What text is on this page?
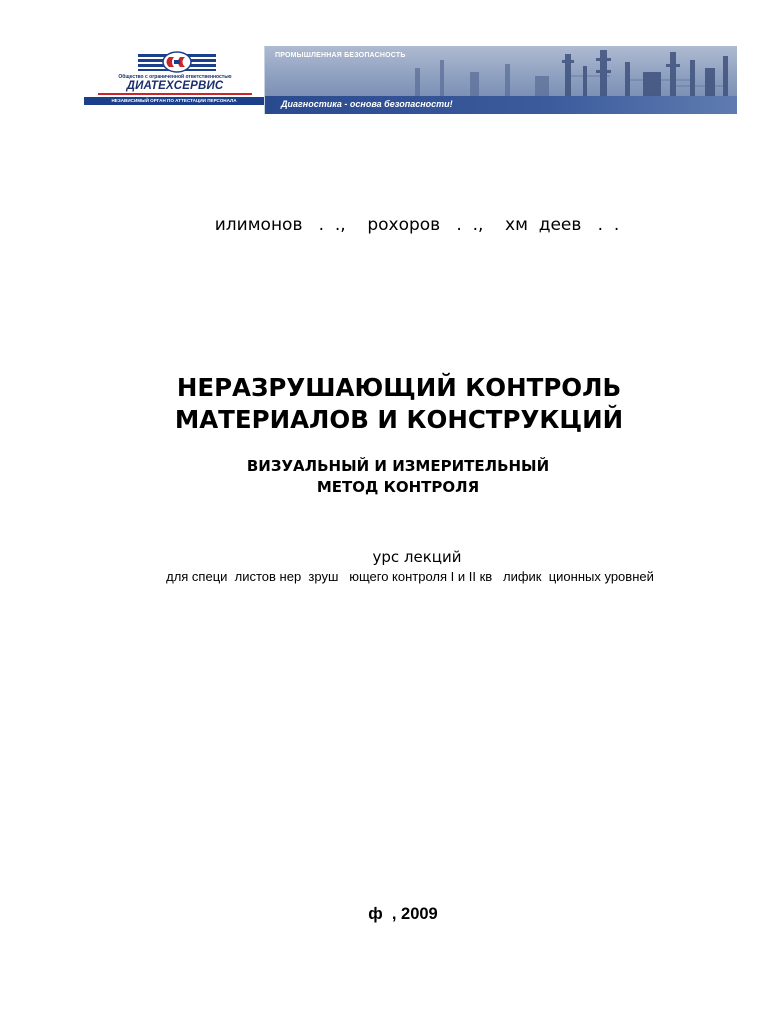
Общество с ограниченной ответственностью
ДИАТЕХСЕРВИС
НЕЗАВИСИМЫЙ ОРГАН ПО АТТЕСТАЦИИ ПЕРСОНАЛА
ПРОМЫШЛЕННАЯ БЕЗОПАСНОСТЬ
Диагностика - основа безопасности!
илимонов   .  .,    рохоров   .  .,    хм  деев   .  .
НЕРАЗРУШАЮЩИЙ КОНТРОЛЬ
МАТЕРИАЛОВ И КОНСТРУКЦИЙ
ВИЗУАЛЬНЫЙ И ИЗМЕРИТЕЛЬНЫЙ
МЕТОД КОНТРОЛЯ
урс лекций
для специ  листов нер  зруш   ющего контроля I и II кв   лифик  ционных уровней
ф  , 2009
